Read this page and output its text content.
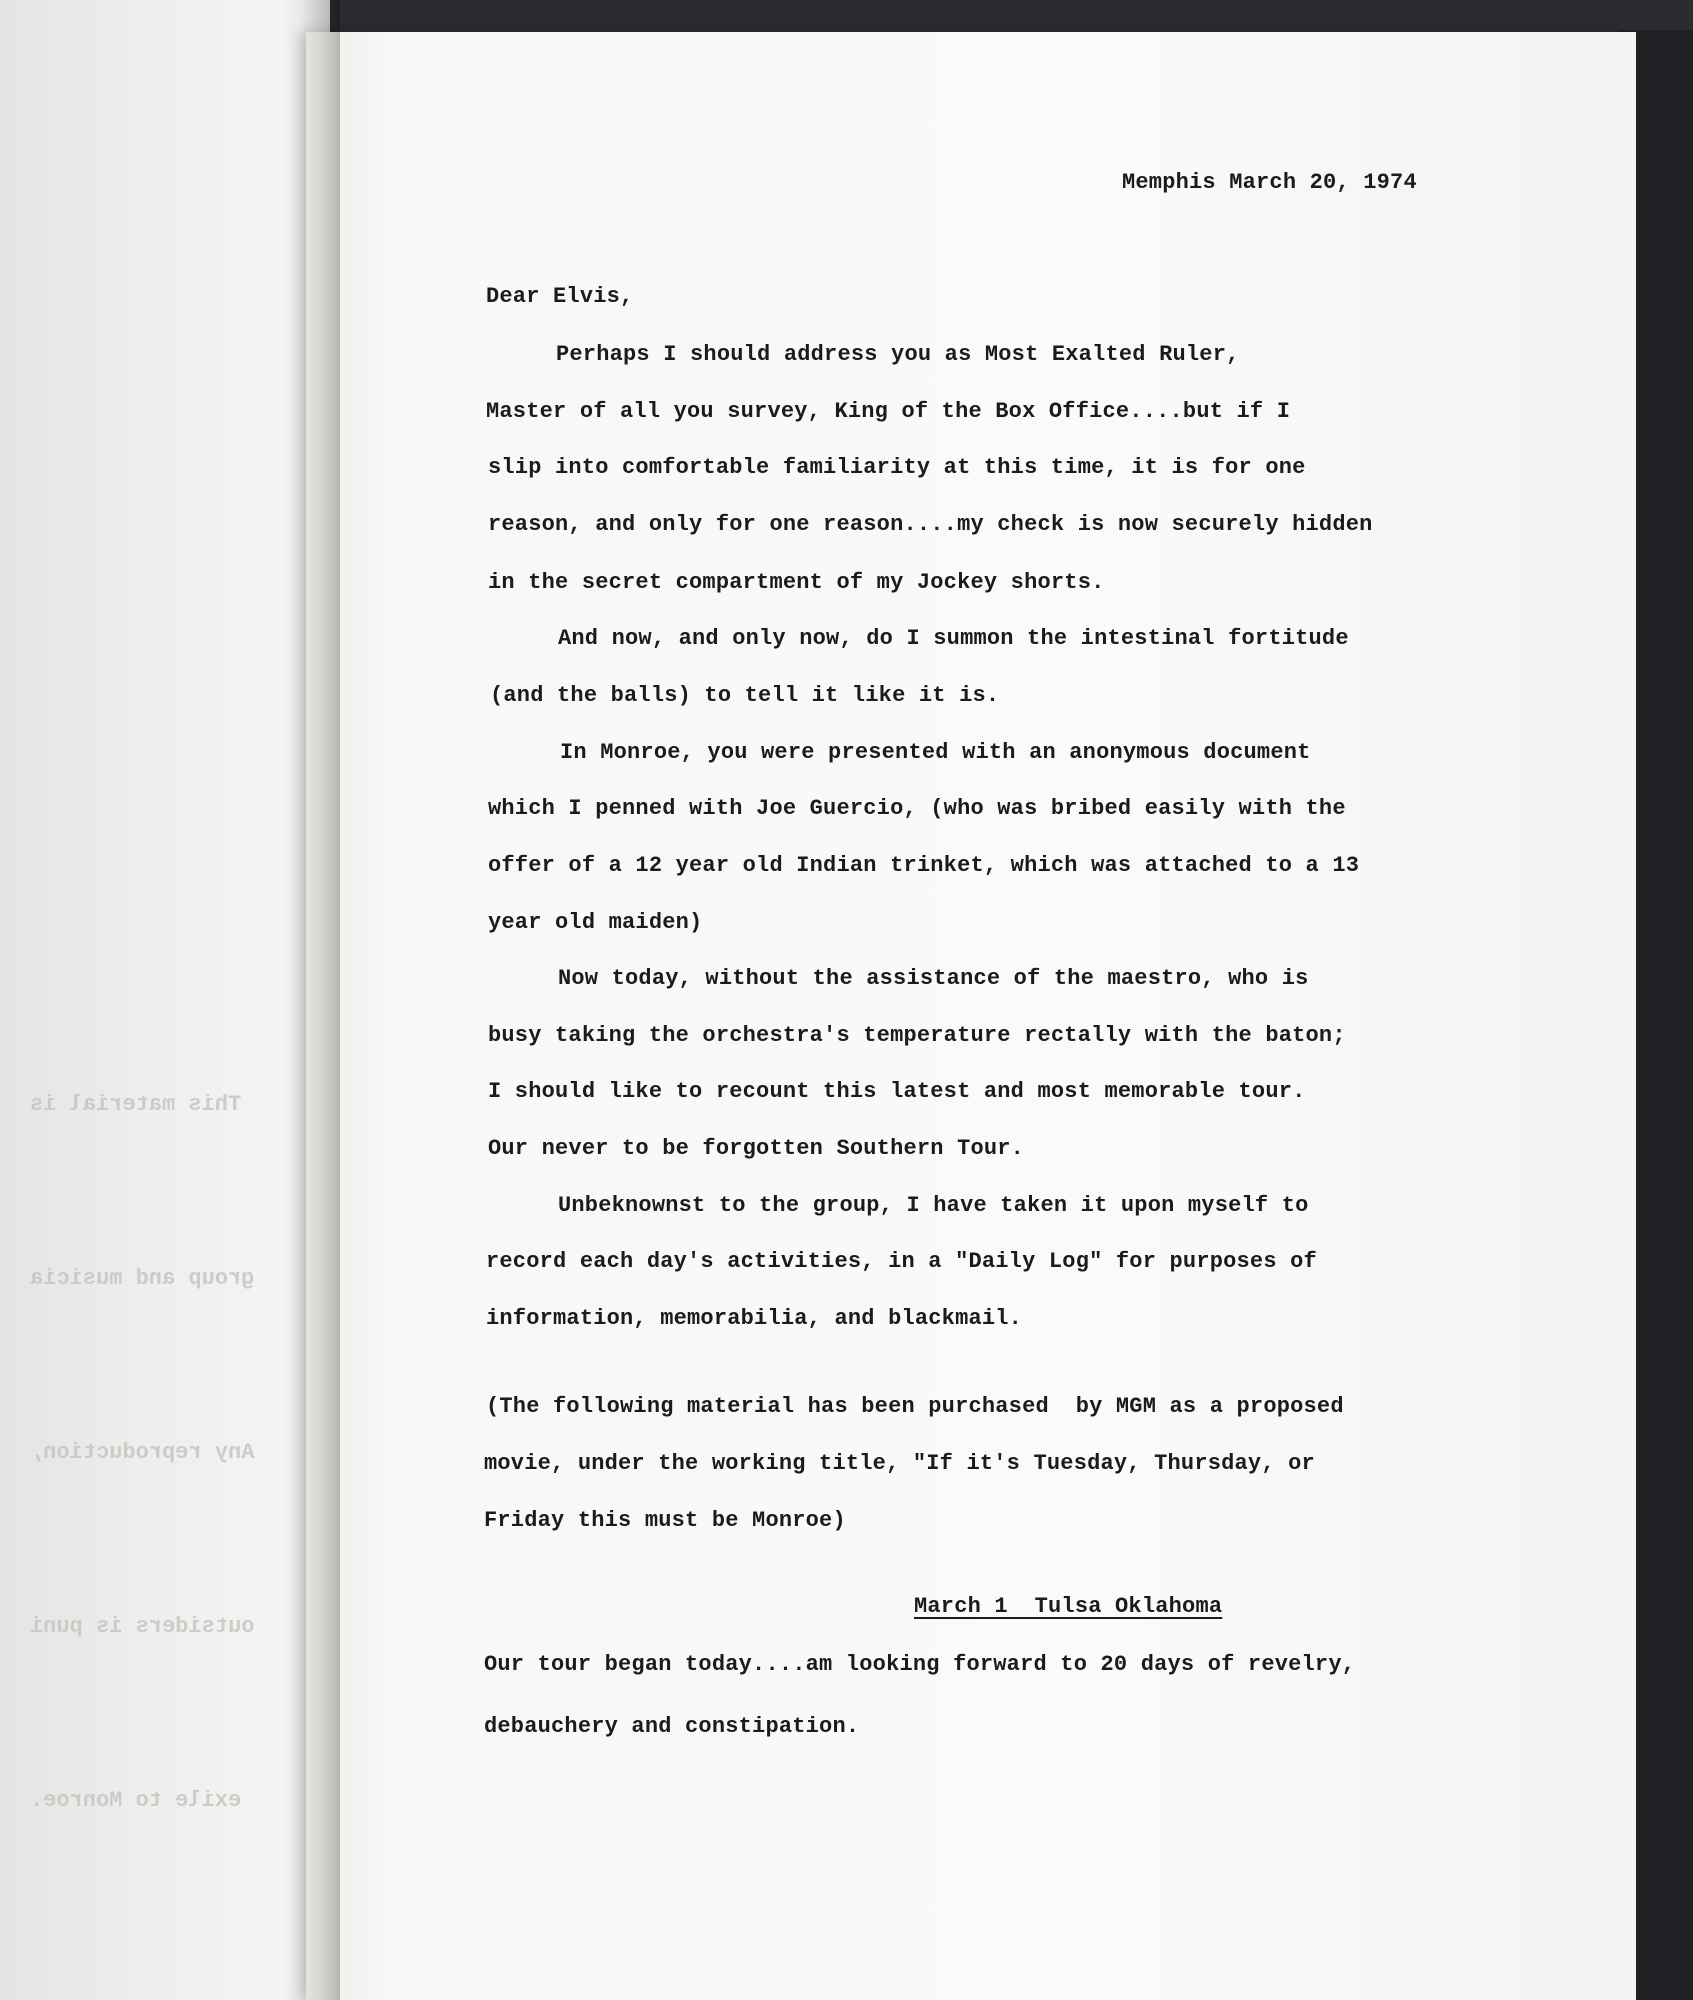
This material is

group and musicia

Any reproduction,

outsiders is puni

exile to Monroe.

Memphis March 20, 1974
Dear Elvis,
Perhaps I should address you as Most Exalted Ruler,
Master of all you survey, King of the Box Office....but if I
slip into comfortable familiarity at this time, it is for one
reason, and only for one reason....my check is now securely hidden
in the secret compartment of my Jockey shorts.
And now, and only now, do I summon the intestinal fortitude
(and the balls) to tell it like it is.
In Monroe, you were presented with an anonymous document
which I penned with Joe Guercio, (who was bribed easily with the
offer of a 12 year old Indian trinket, which was attached to a 13
year old maiden)
Now today, without the assistance of the maestro, who is
busy taking the orchestra's temperature rectally with the baton;
I should like to recount this latest and most memorable tour.
Our never to be forgotten Southern Tour.
Unbeknownst to the group, I have taken it upon myself to
record each day's activities, in a "Daily Log" for purposes of
information, memorabilia, and blackmail.
(The following material has been purchased  by MGM as a proposed
movie, under the working title, "If it's Tuesday, Thursday, or
Friday this must be Monroe)
March 1  Tulsa Oklahoma
Our tour began today....am looking forward to 20 days of revelry,
debauchery and constipation.
